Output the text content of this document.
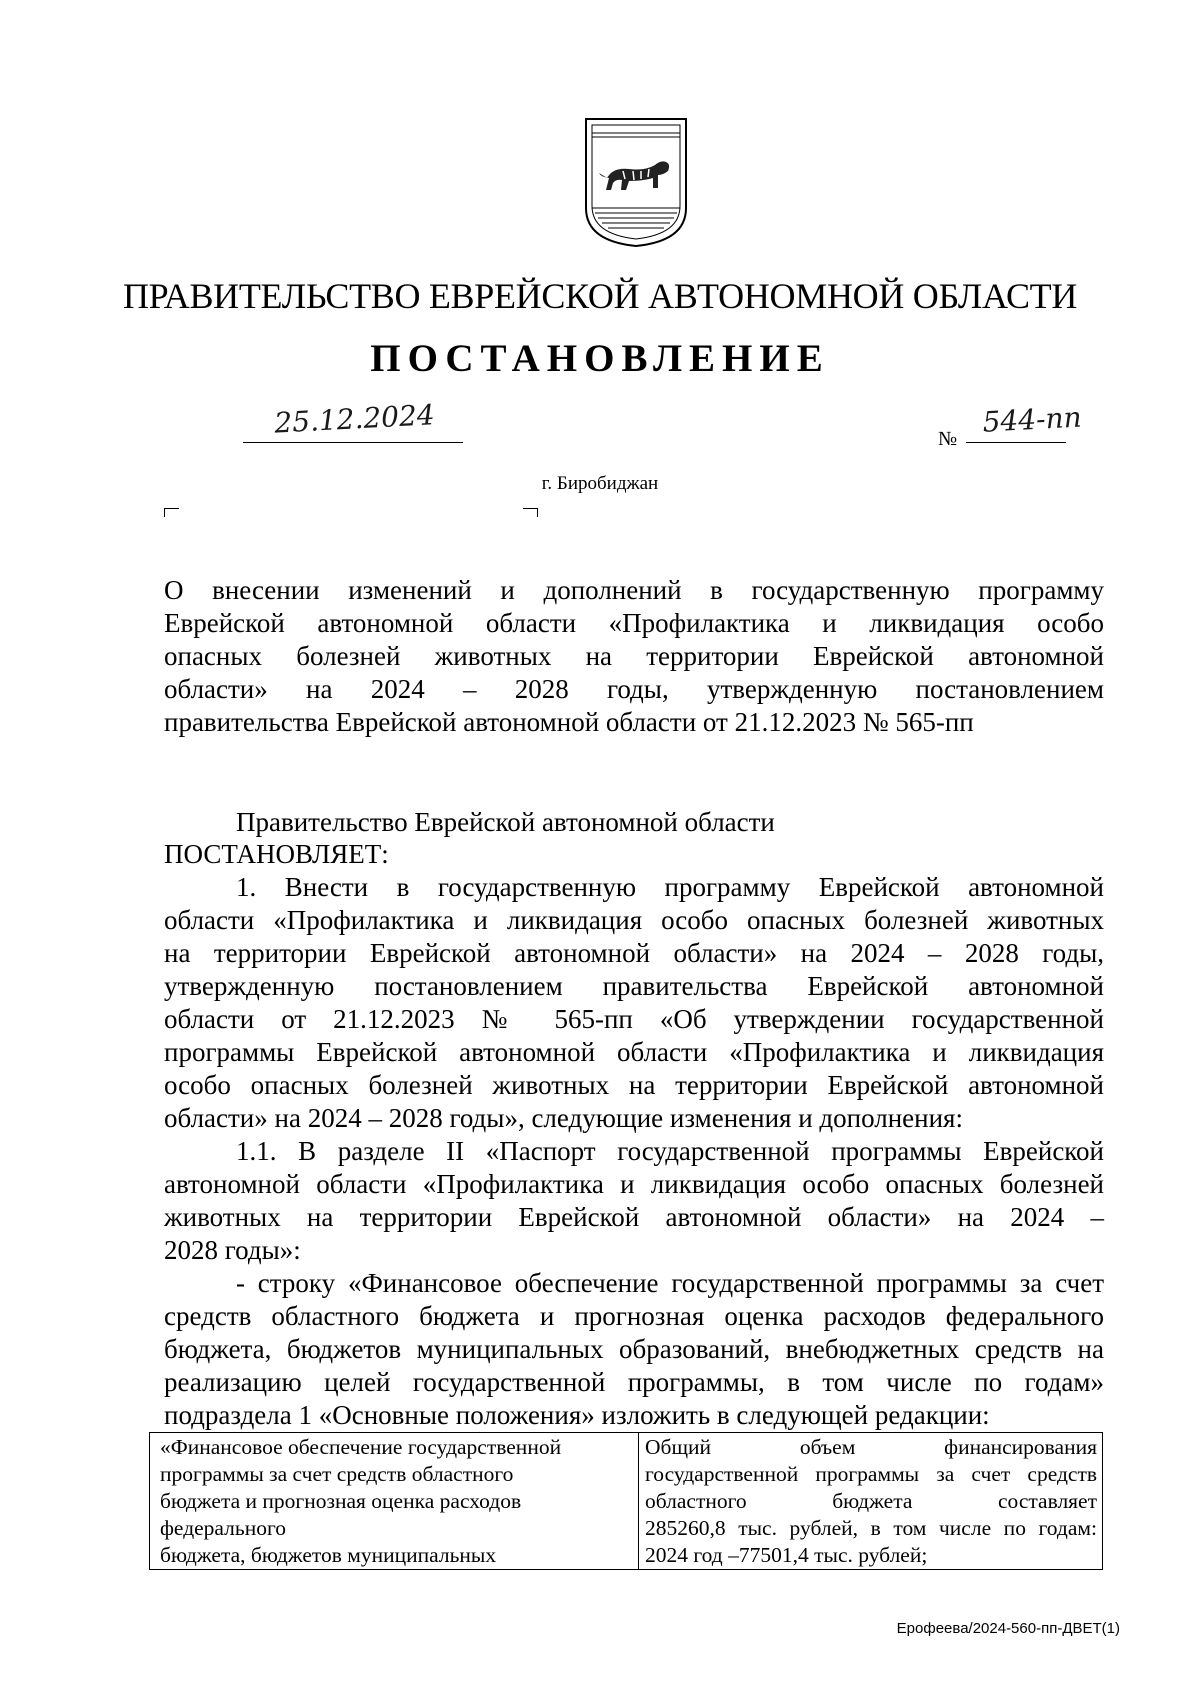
ПРАВИТЕЛЬСТВО ЕВРЕЙСКОЙ АВТОНОМНОЙ ОБЛАСТИ
ПОСТАНОВЛЕНИЕ
25.12.2024	№
544-пп
г. Биробиджан
О внесении изменений и дополнений в государственную программу
Еврейской автономной области «Профилактика и ликвидация особо
опасных болезней животных на территории Еврейской автономной
области» на 2024 – 2028 годы, утвержденную постановлением
правительства Еврейской автономной области от 21.12.2023 № 565-пп
Правительство Еврейской автономной области
ПОСТАНОВЛЯЕТ:
1. Внести в государственную программу Еврейской автономной
области «Профилактика и ликвидация особо опасных болезней животных
на территории Еврейской автономной области» на 2024 – 2028 годы,
утвержденную постановлением правительства Еврейской автономной
области от 21.12.2023 № 565-пп «Об утверждении государственной
программы Еврейской автономной области «Профилактика и ликвидация
особо опасных болезней животных на территории Еврейской автономной
области» на 2024 – 2028 годы», следующие изменения и дополнения:
1.1. В разделе II «Паспорт государственной программы Еврейской
автономной области «Профилактика и ликвидация особо опасных болезней
животных на территории Еврейской автономной области» на 2024 –
2028 годы»:
- строку «Финансовое обеспечение государственной программы за счет
средств областного бюджета и прогнозная оценка расходов федерального
бюджета, бюджетов муниципальных образований, внебюджетных средств на
реализацию целей государственной программы, в том числе по годам»
подраздела 1 «Основные положения» изложить в следующей редакции:
«Финансовое обеспечение государственной
программы за счет средств областного
бюджета и прогнозная оценка расходов
федерального
бюджета, бюджетов муниципальных
Общий объем финансирования
государственной программы за счет средств
областного бюджета составляет
285260,8 тыс. рублей, в том числе по годам:
2024 год –77501,4 тыс. рублей;
Ерофеева/2024-560-пп-ДВЕТ(1)
